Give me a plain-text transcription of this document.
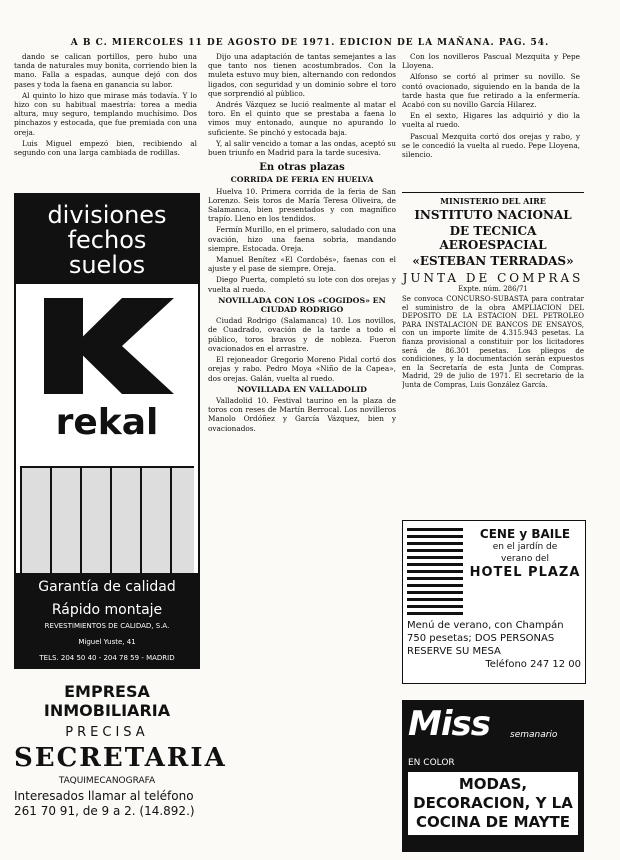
A B C. MIERCOLES 11 DE AGOSTO DE 1971. EDICION DE LA MAÑANA. PAG. 54.

dando se calican portillos, pero hubo una tanda de naturales muy bonita, corriendo bien la mano. Falla a espadas, aunque dejó con dos pases y toda la faena en ganancia su labor.

Al quinto lo hizo que mirase más todavía. Y lo hizo con su habitual maestría: torea a media altura, muy seguro, templando muchísimo. Dos pinchazos y estocada, que fue premiada con una oreja.

Luis Miguel empezó bien, recibiendo al segundo con una larga cambiada de rodillas.

divisiones
fechos
suelos
rekal
Garantía de calidad
Rápido montaje
REVESTIMIENTOS DE CALIDAD, S.A.
Miguel Yuste, 41
TELS. 204 50 40 - 204 78 59 - MADRID
EMPRESA INMOBILIARIA
PRECISA
SECRETARIA
TAQUIMECANOGRAFA
Interesados llamar al teléfono 261 70 91, de 9 a 2. (14.892.)

Dijo una adaptación de tantas semejantes a las que tanto nos tienen acostumbrados. Con la muleta estuvo muy bien, alternando con redondos ligados, con seguridad y un dominio sobre el toro que sorprendió al público.

Andrés Vázquez se lució realmente al matar el toro. En el quinto que se prestaba a faena lo vimos muy entonado, aunque no apurando lo suficiente. Se pinchó y estocada baja.

Y, al salir vencido a tomar a las ondas, aceptó su buen triunfo en Madrid para la tarde sucesiva.

En otras plazas

CORRIDA DE FERIA EN HUELVA

Huelva 10. Primera corrida de la feria de San Lorenzo. Seis toros de María Teresa Oliveira, de Salamanca, bien presentados y con magnífico trapío. Lleno en los tendidos.

Fermín Murillo, en el primero, saludado con una ovación, hizo una faena sobria, mandando siempre. Estocada. Oreja.

Manuel Benítez «El Cordobés», faenas con el ajuste y el pase de siempre. Oreja.

Diego Puerta, completó su lote con dos orejas y vuelta al ruedo.

NOVILLADA CON LOS «COGIDOS» EN CIUDAD RODRIGO

Ciudad Rodrigo (Salamanca) 10. Los novillos, de Cuadrado, ovación de la tarde a todo el público, toros bravos y de nobleza. Fueron ovacionados en el arrastre.

El rejoneador Gregorio Moreno Pidal cortó dos orejas y rabo. Pedro Moya «Niño de la Capea», dos orejas. Galán, vuelta al ruedo.

NOVILLADA EN VALLADOLID

Valladolid 10. Festival taurino en la plaza de toros con reses de Martín Berrocal. Los novilleros Manolo Ordóñez y García Vázquez, bien y ovacionados.

Con los novilleros Pascual Mezquita y Pepe Lloyena.

Alfonso se cortó al primer su novillo. Se contó ovacionado, siguiendo en la banda de la tarde hasta que fue retirado a la enfermería. Acabó con su novillo García Hilarez.

En el sexto, Higares las adquirió y dio la vuelta al ruedo.

Pascual Mezquita cortó dos orejas y rabo, y se le concedió la vuelta al ruedo. Pepe Lloyena, silencio.

MINISTERIO DEL AIRE
INSTITUTO NACIONAL
DE TECNICA AEROESPACIAL
«ESTEBAN TERRADAS»
JUNTA DE COMPRAS
Expte. núm. 286/71
Se convoca CONCURSO-SUBASTA para contratar el suministro de la obra AMPLIACION DEL DEPOSITO DE LA ESTACION DEL PETROLEO PARA INSTALACION DE BANCOS DE ENSAYOS, con un importe límite de 4.315.943 pesetas. La fianza provisional a constituir por los licitadores será de 86.301 pesetas. Los pliegos de condiciones, y la documentación serán expuestos en la Secretaría de esta Junta de Compras. Madrid, 29 de julio de 1971. El secretario de la Junta de Compras, Luis González García.
CENE y BAILE
en el jardín de
verano del
HOTEL PLAZA
Menú de verano, con Champán
750 pesetas; DOS PERSONAS
RESERVE SU MESA
Teléfono 247 12 00
Miss semanario
EN COLOR
MODAS, DECORACION, Y LA COCINA DE MAYTE
